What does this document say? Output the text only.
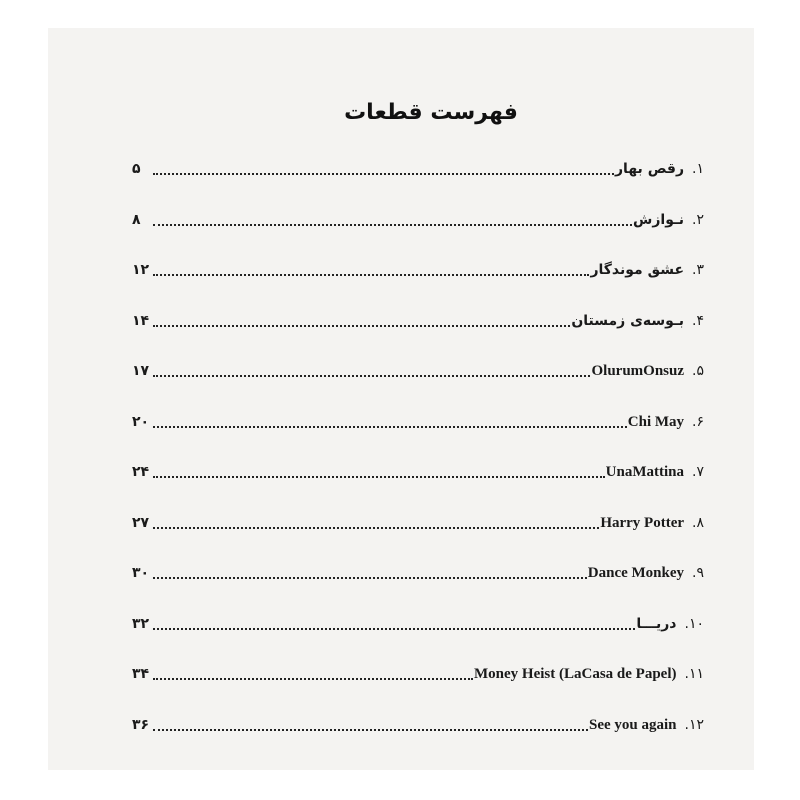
فهرست قطعات
۱.
رقص بهار
۵
۲.
نـوازش
۸
۳.
عشق موندگار
۱۲
۴.
بـوسه‌ی زمستان
۱۴
۵.
OlurumOnsuz
۱۷
۶.
Chi May
۲۰
۷.
UnaMattina
۲۴
۸.
Harry Potter
۲۷
۹.
Dance Monkey
۳۰
۱۰.
دریـــا
۳۲
۱۱.
Money Heist (LaCasa de Papel)
۳۴
۱۲.
See you again
۳۶
